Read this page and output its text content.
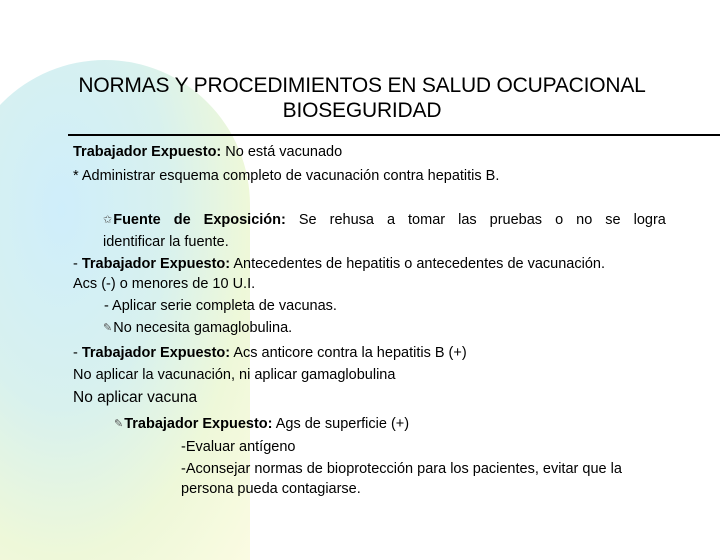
NORMAS Y PROCEDIMIENTOS EN SALUD OCUPACIONAL
BIOSEGURIDAD
Trabajador Expuesto: No está vacunado
* Administrar esquema completo de vacunación contra hepatitis B.
✩Fuente de Exposición: Se rehusa a tomar las pruebas o no se logra
identificar la fuente.
- Trabajador Expuesto: Antecedentes de hepatitis o antecedentes de vacunación.
Acs (-) o menores de 10 U.I.
- Aplicar serie completa de vacunas.
✎No necesita gamaglobulina.
- Trabajador Expuesto: Acs anticore contra la hepatitis B (+)
No aplicar la vacunación, ni aplicar gamaglobulina
No aplicar vacuna
✎Trabajador Expuesto: Ags de superficie (+)
-Evaluar antígeno
-Aconsejar normas de bioprotección para los pacientes, evitar que la
persona pueda contagiarse.
